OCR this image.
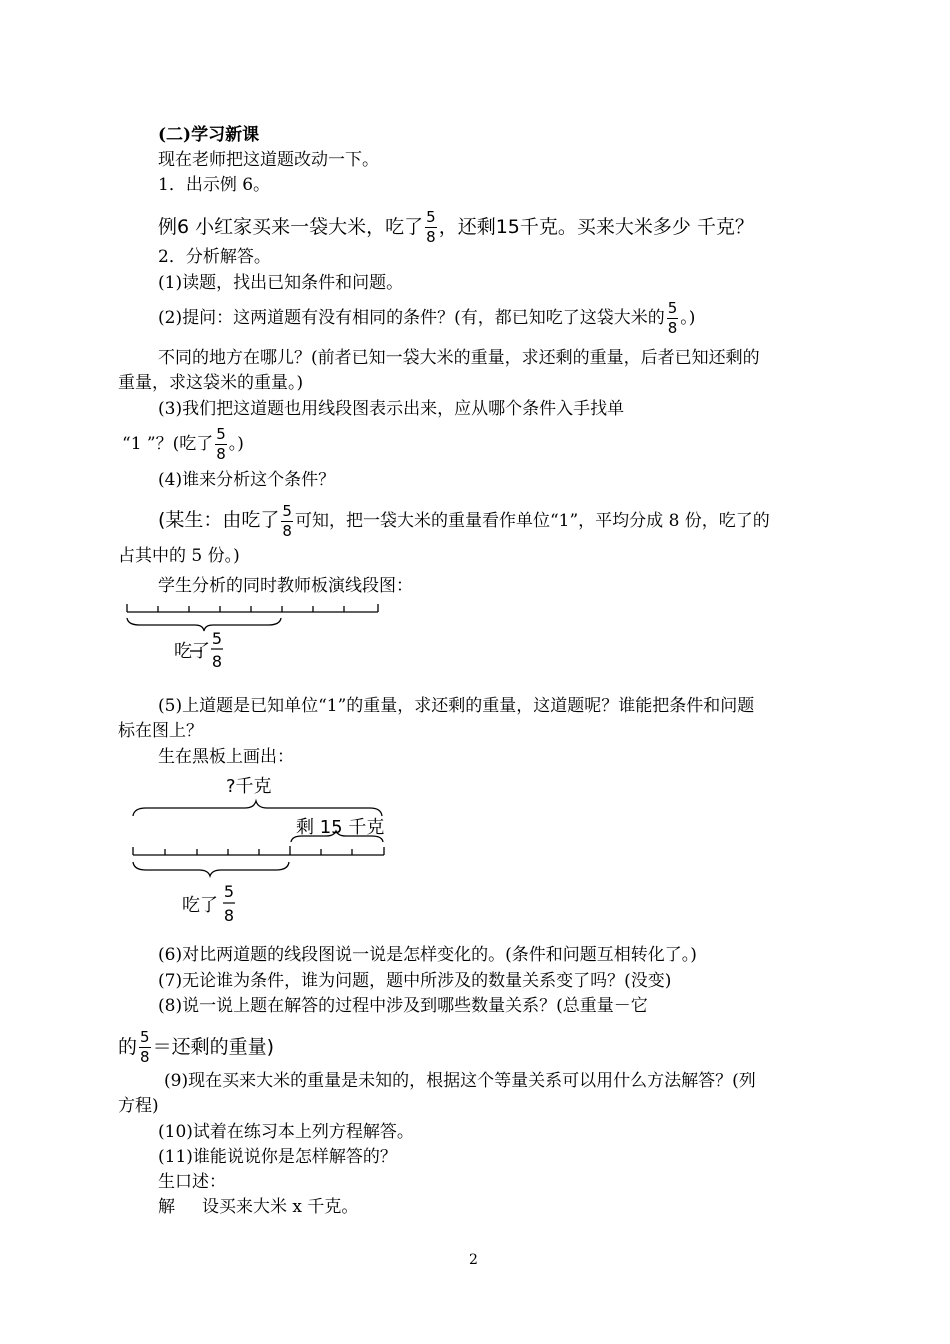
(二)学习新课
现在老师把这道题改动一下。
1．出示例 6。
例6 小红家买来一袋大米，吃了 $\frac{5}{8}$ ，还剩15千克。买来大米多少 千克？
2．分析解答。
(1)读题，找出已知条件和问题。
(2)提问：这两道题有没有相同的条件？(有，都已知吃了这袋大米的 $\frac{5}{8}$ 。)
不同的地方在哪儿？(前者已知一袋大米的重量，求还剩的重量，后者已知还剩的
重量，求这袋米的重量。)
(3)我们把这道题也用线段图表示出来，应从哪个条件入手找单
“1 ”？(吃了 $\frac{5}{8}$ 。)
(4)谁来分析这个条件？
(某生：由吃了 $\frac{5}{8}$ 可知，把一袋大米的重量看作单位“1”，平均分成 8 份，吃了的
占其中的 5 份。)
学生分析的同时教师板演线段图：
吃了
5
8
(5)上道题是已知单位“1”的重量，求还剩的重量，这道题呢？谁能把条件和问题
标在图上？
生在黑板上画出：
?千克
剩 15 千克
吃了
5
8
(6)对比两道题的线段图说一说是怎样变化的。(条件和问题互相转化了。)
(7)无论谁为条件，谁为问题，题中所涉及的数量关系变了吗？(没变)
(8)说一说上题在解答的过程中涉及到哪些数量关系？(总重量－它
的 $\frac{5}{8}$ ＝还剩的重量)
(9)现在买来大米的重量是未知的，根据这个等量关系可以用什么方法解答？(列
方程)
(10)试着在练习本上列方程解答。
(11)谁能说说你是怎样解答的？
生口述：
解     设买来大米 x 千克。
2
